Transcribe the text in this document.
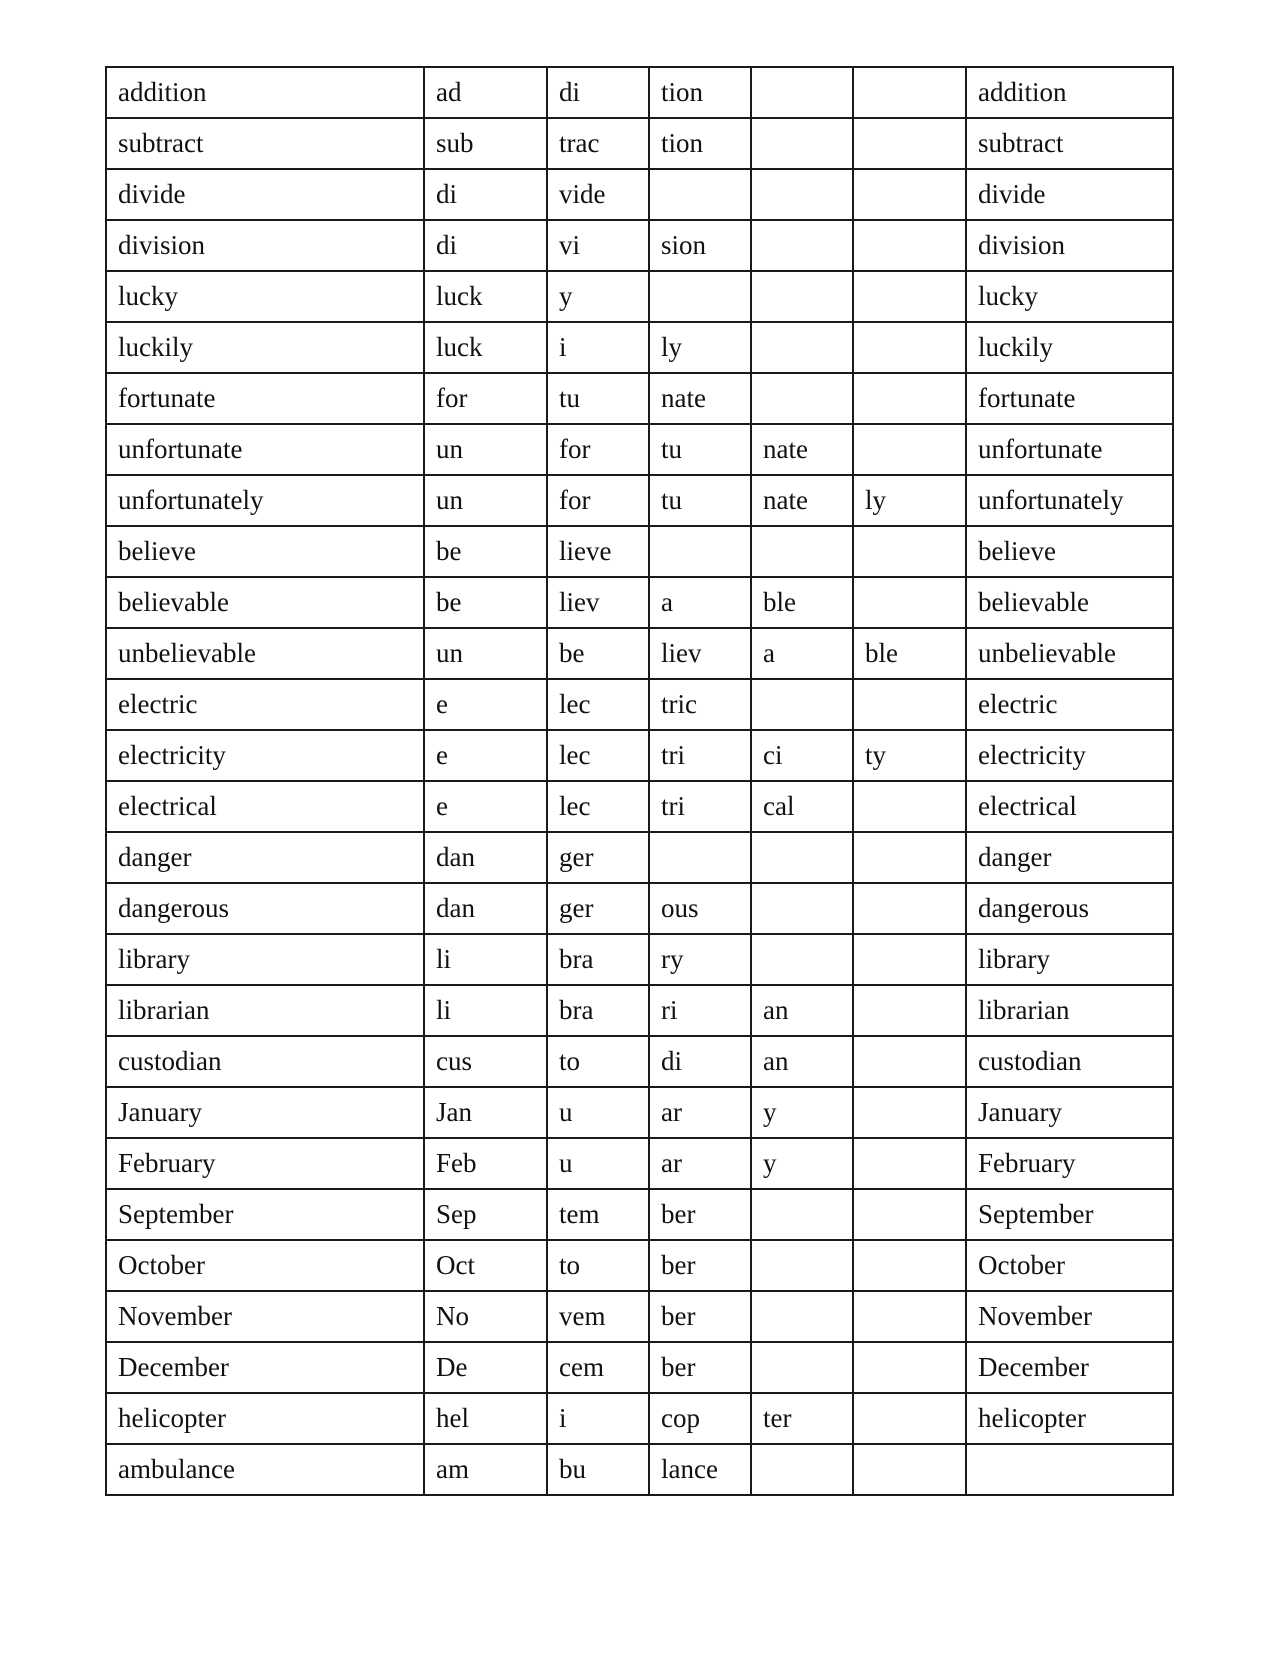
addition	ad	di	tion			addition
subtract	sub	trac	tion			subtract
divide	di	vide				divide
division	di	vi	sion			division
lucky	luck	y				lucky
luckily	luck	i	ly			luckily
fortunate	for	tu	nate			fortunate
unfortunate	un	for	tu	nate		unfortunate
unfortunately	un	for	tu	nate	ly	unfortunately
believe	be	lieve				believe
believable	be	liev	a	ble		believable
unbelievable	un	be	liev	a	ble	unbelievable
electric	e	lec	tric			electric
electricity	e	lec	tri	ci	ty	electricity
electrical	e	lec	tri	cal		electrical
danger	dan	ger				danger
dangerous	dan	ger	ous			dangerous
library	li	bra	ry			library
librarian	li	bra	ri	an		librarian
custodian	cus	to	di	an		custodian
January	Jan	u	ar	y		January
February	Feb	u	ar	y		February
September	Sep	tem	ber			September
October	Oct	to	ber			October
November	No	vem	ber			November
December	De	cem	ber			December
helicopter	hel	i	cop	ter		helicopter
ambulance	am	bu	lance			
